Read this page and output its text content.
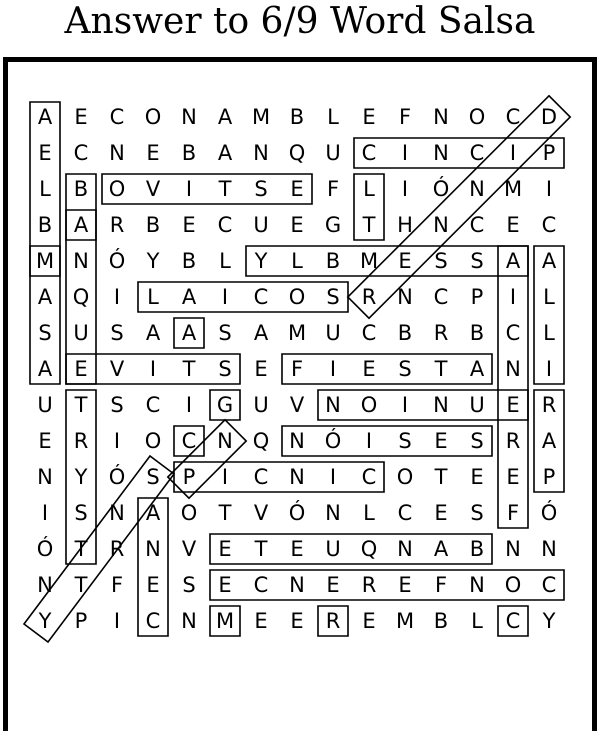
Answer to 6/9 Word Salsa
A	E	C O N A M B	L	E	F	N O C D
E	C N	E	B	A N Q U C	I	N C	I	P
L	B O V	I	T	S	E	F	L	I	Ó N M	I
B	A	R	B	E	C U	E	G	T	H N C	E	C
M N Ó	Y	B	L	Y	L	B M E	S	S	A	A
A Q	I	L	A	I	C O	S	R N C	P	I	L
S	U	S	A	A	S	A M U C	B	R	B	C	L
A	E	V	I	T	S	E	F	I	E	S	T	A N	I
U	T	S	C	I	G U	V N O	I	N U	E	R
E	R	I	O C N Q N Ó	I	S	E	S	R	A
N	Y	Ó	S	P	I	C N	I	C O	T	E	E	P
I	S	N A O	T	V Ó N	L	C	E	S	F	Ó
Ó	T	R N V	E	T	E	U Q N A	B N N
N	T	F	E	S	E	C N	E	R	E	F	N O C
Y	P	I	C N M E	E	R	E M B	L	C	Y
